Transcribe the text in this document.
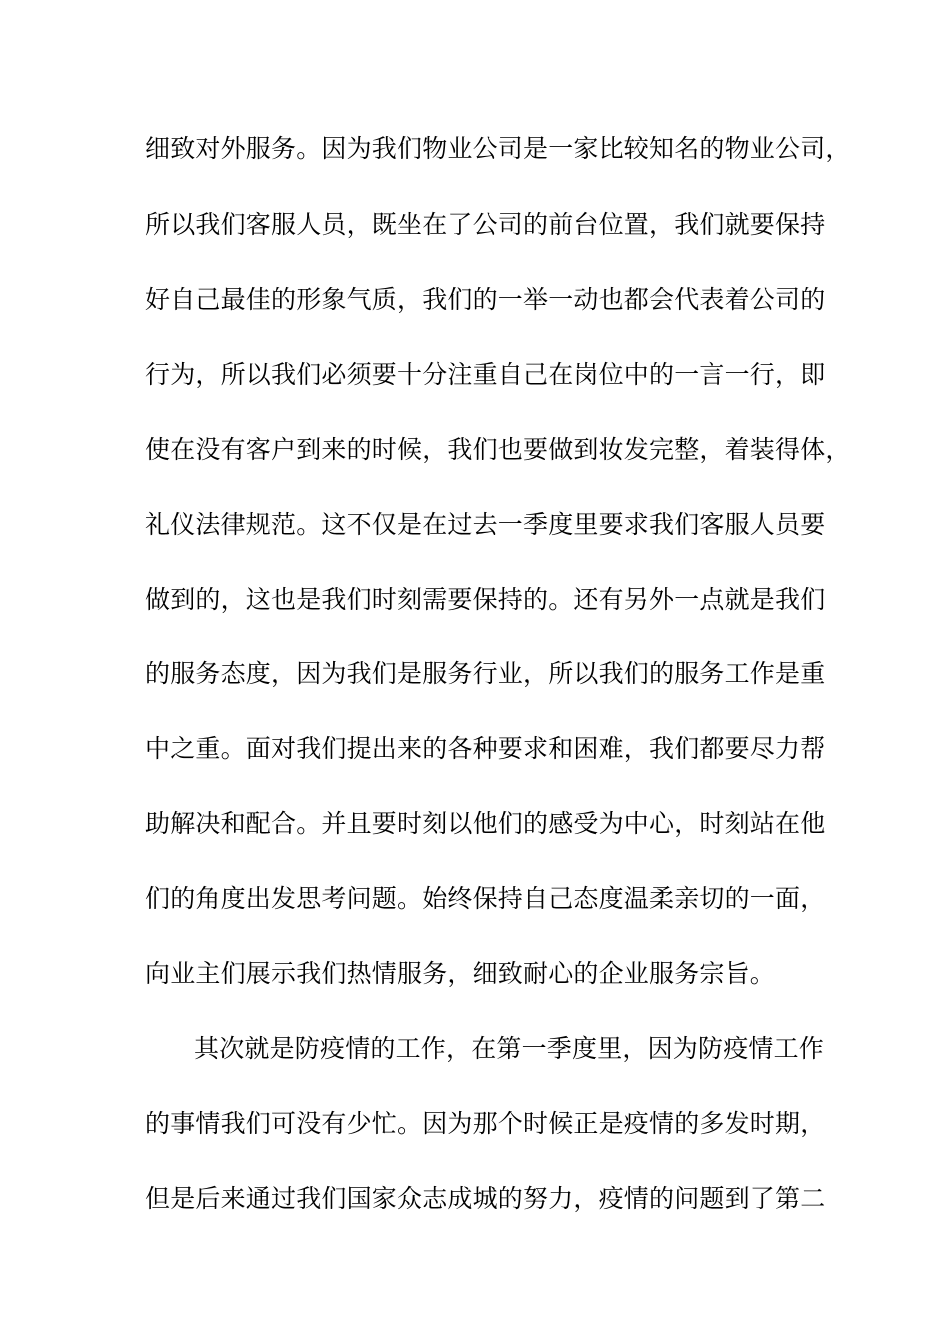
细致对外服务。因为我们物业公司是一家比较知名的物业公司，
所以我们客服人员，既坐在了公司的前台位置，我们就要保持
好自己最佳的形象气质，我们的一举一动也都会代表着公司的
行为，所以我们必须要十分注重自己在岗位中的一言一行，即
使在没有客户到来的时候，我们也要做到妆发完整，着装得体，
礼仪法律规范。这不仅是在过去一季度里要求我们客服人员要
做到的，这也是我们时刻需要保持的。还有另外一点就是我们
的服务态度，因为我们是服务行业，所以我们的服务工作是重
中之重。面对我们提出来的各种要求和困难，我们都要尽力帮
助解决和配合。并且要时刻以他们的感受为中心，时刻站在他
们的角度出发思考问题。始终保持自己态度温柔亲切的一面，
向业主们展示我们热情服务，细致耐心的企业服务宗旨。
其次就是防疫情的工作，在第一季度里，因为防疫情工作
的事情我们可没有少忙。因为那个时候正是疫情的多发时期，
但是后来通过我们国家众志成城的努力，疫情的问题到了第二
